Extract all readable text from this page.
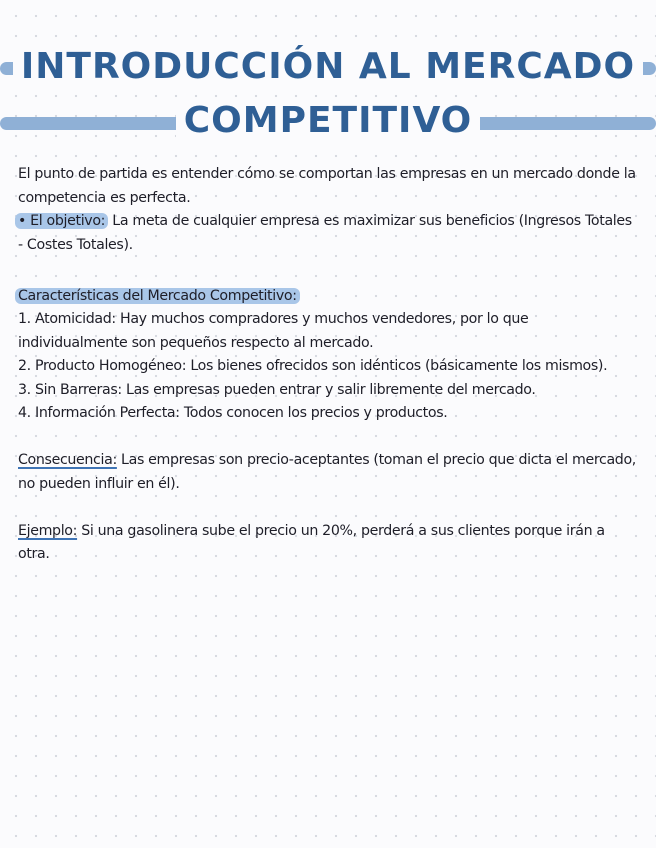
INTRODUCCIÓN AL MERCADO
COMPETITIVO

El punto de partida es entender cómo se comportan las empresas en un mercado donde la competencia es perfecta.

• El objetivo: La meta de cualquier empresa es maximizar sus beneficios (Ingresos Totales - Costes Totales).

Características del Mercado Competitivo:

1. Atomicidad: Hay muchos compradores y muchos vendedores, por lo que individualmente son pequeños respecto al mercado.

2. Producto Homogéneo: Los bienes ofrecidos son idénticos (básicamente los mismos).

3. Sin Barreras: Las empresas pueden entrar y salir libremente del mercado.

4. Información Perfecta: Todos conocen los precios y productos.

Consecuencia: Las empresas son precio-aceptantes (toman el precio que dicta el mercado, no pueden influir en él).

Ejemplo: Si una gasolinera sube el precio un 20%, perderá a sus clientes porque irán a otra.
